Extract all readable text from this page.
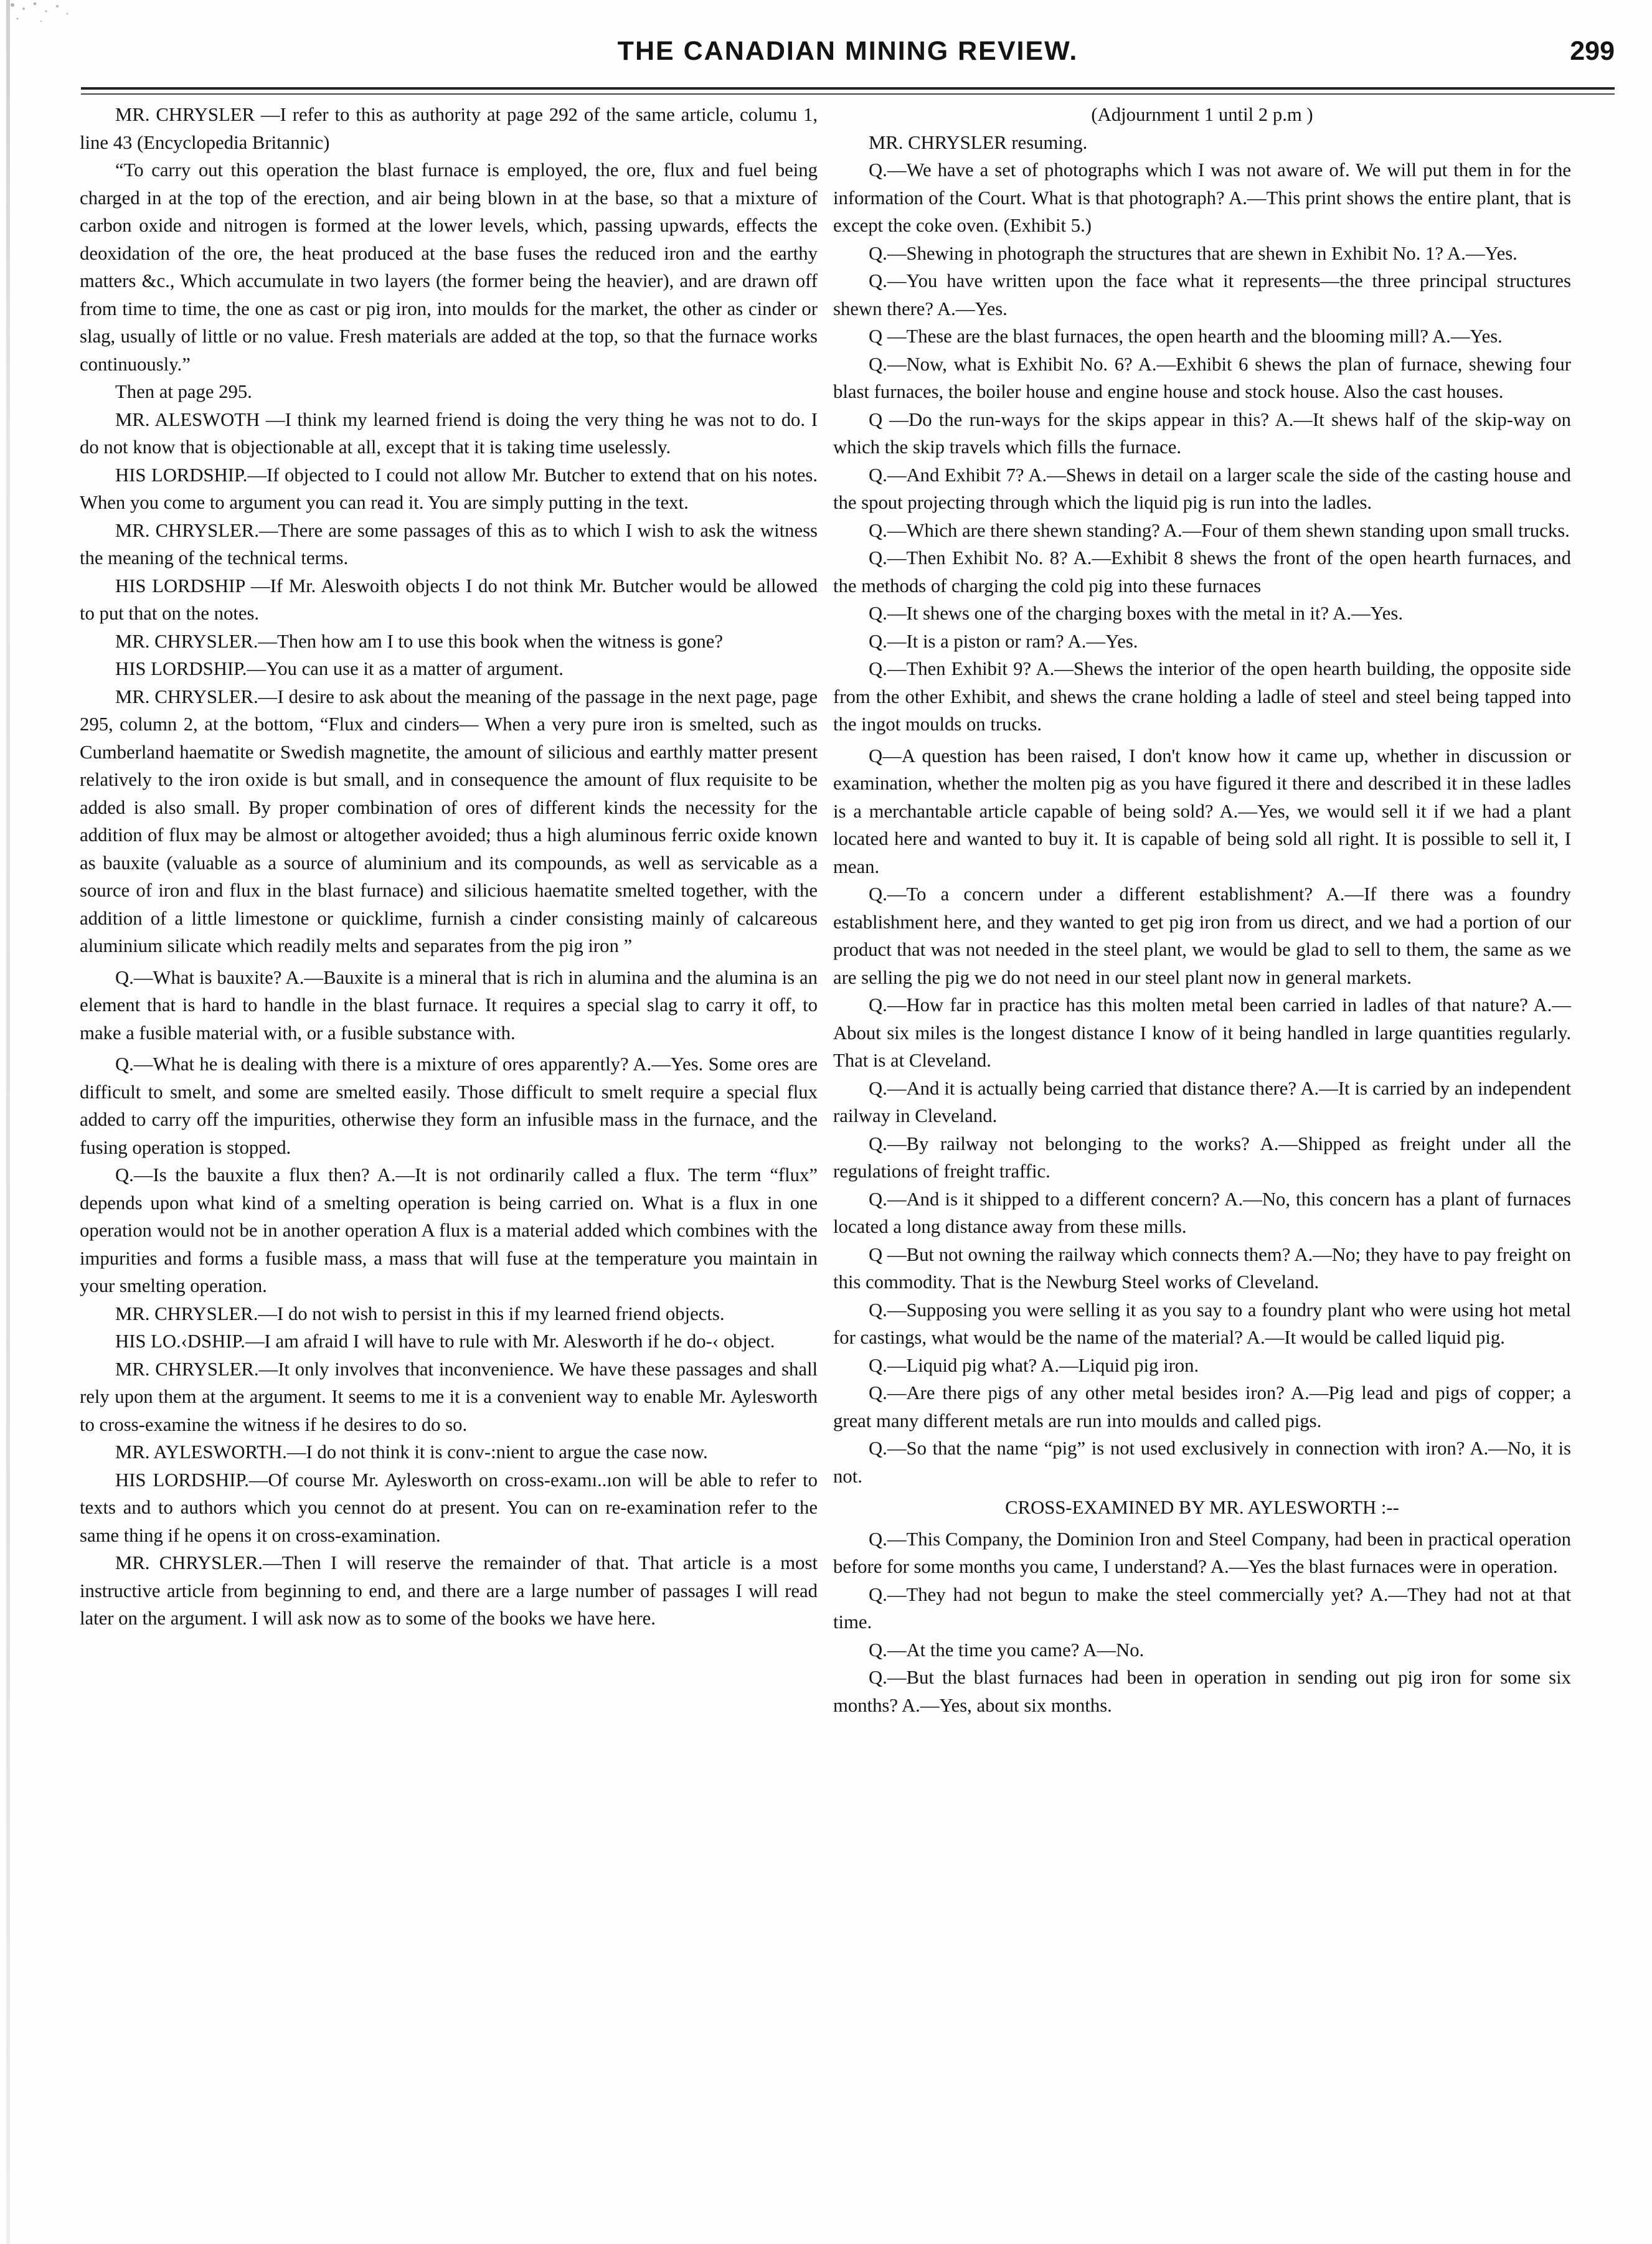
THE CANADIAN MINING REVIEW.	299

MR. CHRYSLER —I refer to this as authority at page 292 of the same article, columu 1, line 43 (Encyclopedia Britannic)

“To carry out this operation the blast furnace is employed, the ore, flux and fuel being charged in at the top of the erection, and air being blown in at the base, so that a mixture of carbon oxide and nitrogen is formed at the lower levels, which, passing upwards, effects the deoxidation of the ore, the heat produced at the base fuses the reduced iron and the earthy matters &c., Which accumulate in two layers (the former being the heavier), and are drawn off from time to time, the one as cast or pig iron, into moulds for the market, the other as cinder or slag, usually of little or no value. Fresh materials are added at the top, so that the furnace works continuously.”

Then at page 295.

MR. ALESWOTH —I think my learned friend is doing the very thing he was not to do. I do not know that is objectionable at all, except that it is taking time uselessly.

HIS LORDSHIP.—If objected to I could not allow Mr. Butcher to extend that on his notes. When you come to argument you can read it. You are simply putting in the text.

MR. CHRYSLER.—There are some passages of this as to which I wish to ask the witness the meaning of the technical terms.

HIS LORDSHIP —If Mr. Aleswoith objects I do not think Mr. Butcher would be allowed to put that on the notes.

MR. CHRYSLER.—Then how am I to use this book when the witness is gone?

HIS LORDSHIP.—You can use it as a matter of argument.

MR. CHRYSLER.—I desire to ask about the meaning of the passage in the next page, page 295, column 2, at the bottom, “Flux and cinders— When a very pure iron is smelted, such as Cumberland haematite or Swedish magnetite, the amount of silicious and earthly matter present relatively to the iron oxide is but small, and in consequence the amount of flux requisite to be added is also small. By proper combination of ores of different kinds the necessity for the addition of flux may be almost or altogether avoided; thus a high aluminous ferric oxide known as bauxite (valuable as a source of aluminium and its compounds, as well as servicable as a source of iron and flux in the blast furnace) and silicious haematite smelted together, with the addition of a little limestone or quicklime, furnish a cinder consisting mainly of calcareous aluminium silicate which readily melts and separates from the pig iron ”

Q.—What is bauxite? A.—Bauxite is a mineral that is rich in alumina and the alumina is an element that is hard to handle in the blast furnace. It requires a special slag to carry it off, to make a fusible material with, or a fusible substance with.

Q.—What he is dealing with there is a mixture of ores apparently? A.—Yes. Some ores are difficult to smelt, and some are smelted easily. Those difficult to smelt require a special flux added to carry off the impurities, otherwise they form an infusible mass in the furnace, and the fusing operation is stopped.

Q.—Is the bauxite a flux then? A.—It is not ordinarily called a flux. The term “flux” depends upon what kind of a smelting operation is being carried on. What is a flux in one operation would not be in another operation A flux is a material added which combines with the impurities and forms a fusible mass, a mass that will fuse at the temperature you maintain in your smelting operation.

MR. CHRYSLER.—I do not wish to persist in this if my learned friend objects.

HIS LO.‹DSHIP.—I am afraid I will have to rule with Mr. Alesworth if he do-‹ object.

MR. CHRYSLER.—It only involves that inconvenience. We have these passages and shall rely upon them at the argument. It seems to me it is a convenient way to enable Mr. Aylesworth to cross-examine the witness if he desires to do so.

MR. AYLESWORTH.—I do not think it is conv-:nient to argue the case now.

HIS LORDSHIP.—Of course Mr. Aylesworth on cross-examı..ıon will be able to refer to texts and to authors which you cennot do at present. You can on re-examination refer to the same thing if he opens it on cross-examination.

MR. CHRYSLER.—Then I will reserve the remainder of that. That article is a most instructive article from beginning to end, and there are a large number of passages I will read later on the argument. I will ask now as to some of the books we have here.

(Adjournment 1 until 2 p.m )

MR. CHRYSLER resuming.

Q.—We have a set of photographs which I was not aware of. We will put them in for the information of the Court. What is that photograph? A.—This print shows the entire plant, that is except the coke oven. (Exhibit 5.)

Q.—Shewing in photograph the structures that are shewn in Exhibit No. 1? A.—Yes.

Q.—You have written upon the face what it represents—the three principal structures shewn there? A.—Yes.

Q —These are the blast furnaces, the open hearth and the blooming mill? A.—Yes.

Q.—Now, what is Exhibit No. 6? A.—Exhibit 6 shews the plan of furnace, shewing four blast furnaces, the boiler house and engine house and stock house. Also the cast houses.

Q —Do the run-ways for the skips appear in this? A.—It shews half of the skip-way on which the skip travels which fills the furnace.

Q.—And Exhibit 7? A.—Shews in detail on a larger scale the side of the casting house and the spout projecting through which the liquid pig is run into the ladles.

Q.—Which are there shewn standing? A.—Four of them shewn standing upon small trucks.

Q.—Then Exhibit No. 8? A.—Exhibit 8 shews the front of the open hearth furnaces, and the methods of charging the cold pig into these furnaces

Q.—It shews one of the charging boxes with the metal in it? A.—Yes.

Q.—It is a piston or ram? A.—Yes.

Q.—Then Exhibit 9? A.—Shews the interior of the open hearth building, the opposite side from the other Exhibit, and shews the crane holding a ladle of steel and steel being tapped into the ingot moulds on trucks.

Q—A question has been raised, I don't know how it came up, whether in discussion or examination, whether the molten pig as you have figured it there and described it in these ladles is a merchantable article capable of being sold? A.—Yes, we would sell it if we had a plant located here and wanted to buy it. It is capable of being sold all right. It is possible to sell it, I mean.

Q.—To a concern under a different establishment? A.—If there was a foundry establishment here, and they wanted to get pig iron from us direct, and we had a portion of our product that was not needed in the steel plant, we would be glad to sell to them, the same as we are selling the pig we do not need in our steel plant now in general markets.

Q.—How far in practice has this molten metal been carried in ladles of that nature? A.—About six miles is the longest distance I know of it being handled in large quantities regularly. That is at Cleveland.

Q.—And it is actually being carried that distance there? A.—It is carried by an independent railway in Cleveland.

Q.—By railway not belonging to the works? A.—Shipped as freight under all the regulations of freight traffic.

Q.—And is it shipped to a different concern? A.—No, this concern has a plant of furnaces located a long distance away from these mills.

Q —But not owning the railway which connects them? A.—No; they have to pay freight on this commodity. That is the Newburg Steel works of Cleveland.

Q.—Supposing you were selling it as you say to a foundry plant who were using hot metal for castings, what would be the name of the material? A.—It would be called liquid pig.

Q.—Liquid pig what? A.—Liquid pig iron.

Q.—Are there pigs of any other metal besides iron? A.—Pig lead and pigs of copper; a great many different metals are run into moulds and called pigs.

Q.—So that the name “pig” is not used exclusively in connection with iron? A.—No, it is not.

CROSS-EXAMINED BY MR. AYLESWORTH :--

Q.—This Company, the Dominion Iron and Steel Company, had been in practical operation before for some months you came, I understand? A.—Yes the blast furnaces were in operation.

Q.—They had not begun to make the steel commercially yet? A.—They had not at that time.

Q.—At the time you came? A—No.

Q.—But the blast furnaces had been in operation in sending out pig iron for some six months? A.—Yes, about six months.
